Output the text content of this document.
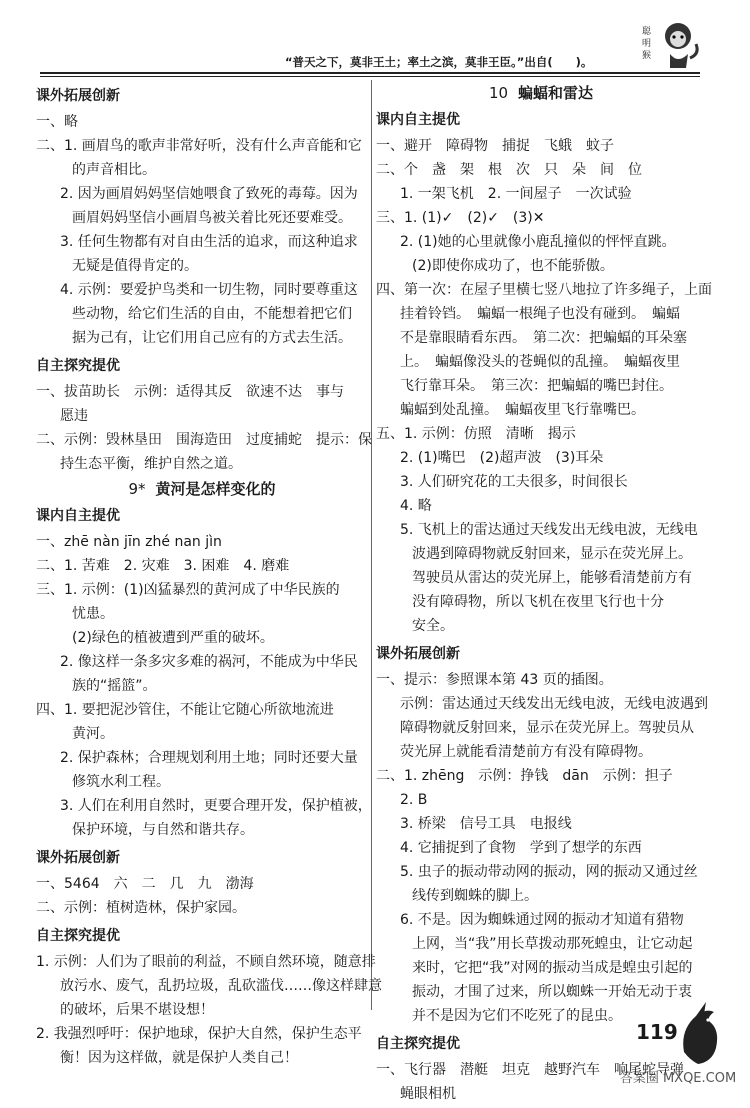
聪
明
猴
“普天之下，莫非王土；率土之滨，莫非王臣。”出自(　　)。
课外拓展创新
一、略
二、1. 画眉鸟的歌声非常好听，没有什么声音能和它
的声音相比。
2. 因为画眉妈妈坚信她喂食了致死的毒莓。因为
画眉妈妈坚信小画眉鸟被关着比死还要难受。
3. 任何生物都有对自由生活的追求，而这种追求
无疑是值得肯定的。
4. 示例：要爱护鸟类和一切生物，同时要尊重这
些动物，给它们生活的自由，不能想着把它们
据为己有，让它们用自己应有的方式去生活。
自主探究提优
一、拔苗助长　示例：适得其反　欲速不达　事与
愿违
二、示例：毁林垦田　围海造田　过度捕蛇　提示：保
持生态平衡，维护自然之道。
9* 黄河是怎样变化的
课内自主提优
一、zhē nàn jīn zhé nan jìn
二、1. 苦难　2. 灾难　3. 困难　4. 磨难
三、1. 示例：(1)凶猛暴烈的黄河成了中华民族的
忧患。
(2)绿色的植被遭到严重的破坏。
2. 像这样一条多灾多难的祸河，不能成为中华民
族的“摇篮”。
四、1. 要把泥沙管住，不能让它随心所欲地流进
黄河。
2. 保护森林；合理规划利用土地；同时还要大量
修筑水利工程。
3. 人们在利用自然时，更要合理开发，保护植被，
保护环境，与自然和谐共存。
课外拓展创新
一、5464　六　二　几　九　渤海
二、示例：植树造林，保护家园。
自主探究提优
1. 示例：人们为了眼前的利益，不顾自然环境，随意排
放污水、废气，乱扔垃圾，乱砍滥伐……像这样肆意
的破坏，后果不堪设想！
2. 我强烈呼吁：保护地球，保护大自然，保护生态平
衡！因为这样做，就是保护人类自己！
10 蝙蝠和雷达
课内自主提优
一、避开　障碍物　捕捉　飞蛾　蚊子
二、个　盏　架　根　次　只　朵　间　位
1. 一架飞机　2. 一间屋子　一次试验
三、1. (1)✓　(2)✓　(3)✕
2. (1)她的心里就像小鹿乱撞似的怦怦直跳。
(2)即使你成功了，也不能骄傲。
四、第一次：在屋子里横七竖八地拉了许多绳子，上面
挂着铃铛。　蝙蝠一根绳子也没有碰到。　蝙蝠
不是靠眼睛看东西。　第二次：把蝙蝠的耳朵塞
上。　蝙蝠像没头的苍蝇似的乱撞。　蝙蝠夜里
飞行靠耳朵。　第三次：把蝙蝠的嘴巴封住。
蝙蝠到处乱撞。　蝙蝠夜里飞行靠嘴巴。
五、1. 示例：仿照　清晰　揭示
2. (1)嘴巴　(2)超声波　(3)耳朵
3. 人们研究花的工夫很多，时间很长
4. 略
5. 飞机上的雷达通过天线发出无线电波，无线电
波遇到障碍物就反射回来，显示在荧光屏上。
驾驶员从雷达的荧光屏上，能够看清楚前方有
没有障碍物，所以飞机在夜里飞行也十分
安全。
课外拓展创新
一、提示：参照课本第 43 页的插图。
示例：雷达通过天线发出无线电波，无线电波遇到
障碍物就反射回来，显示在荧光屏上。驾驶员从
荧光屏上就能看清楚前方有没有障碍物。
二、1. zhēng　示例：挣钱　dān　示例：担子
2. B
3. 桥梁　信号工具　电报线
4. 它捕捉到了食物　学到了想学的东西
5. 虫子的振动带动网的振动，网的振动又通过丝
线传到蜘蛛的脚上。
6. 不是。因为蜘蛛通过网的振动才知道有猎物
上网，当“我”用长草拨动那死蝗虫，让它动起
来时，它把“我”对网的振动当成是蝗虫引起的
振动，才围了过来，所以蜘蛛一开始无动于衷
并不是因为它们不吃死了的昆虫。
自主探究提优
一、飞行器　潜艇　坦克　越野汽车　响尾蛇导弹
蝇眼相机
119
答案圈 MXQE.COM
